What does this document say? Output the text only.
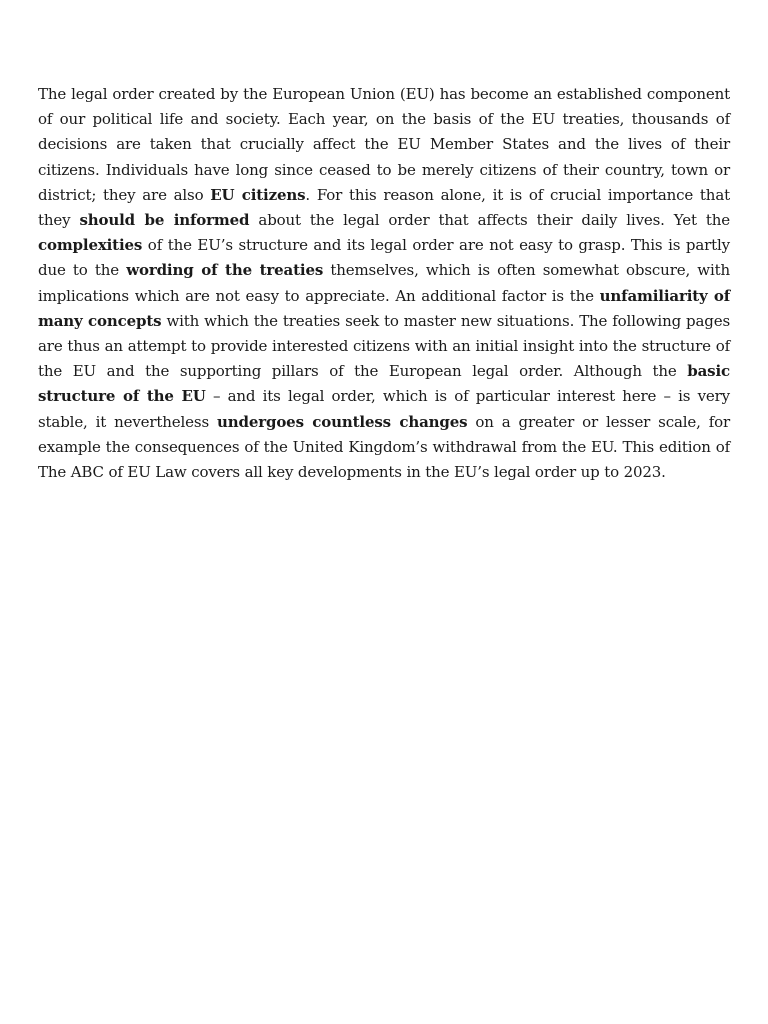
The legal order created by the European Union (EU) has become an established component of our political life and society. Each year, on the basis of the EU treaties, thousands of decisions are taken that crucially affect the EU Member States and the lives of their citizens. Individuals have long since ceased to be merely citizens of their country, town or district; they are also EU citizens. For this reason alone, it is of crucial importance that they should be informed about the legal order that affects their daily lives. Yet the complexities of the EU’s structure and its legal order are not easy to grasp. This is partly due to the wording of the treaties themselves, which is often somewhat obscure, with implications which are not easy to appreciate. An additional factor is the unfamiliarity of many concepts with which the treaties seek to master new situations. The following pages are thus an attempt to provide interested citizens with an initial insight into the structure of the EU and the supporting pillars of the European legal order. Although the basic structure of the EU – and its legal order, which is of particular interest here – is very stable, it nevertheless undergoes countless changes on a greater or lesser scale, for example the consequences of the United Kingdom’s withdrawal from the EU. This edition of The ABC of EU Law covers all key developments in the EU’s legal order up to 2023.
